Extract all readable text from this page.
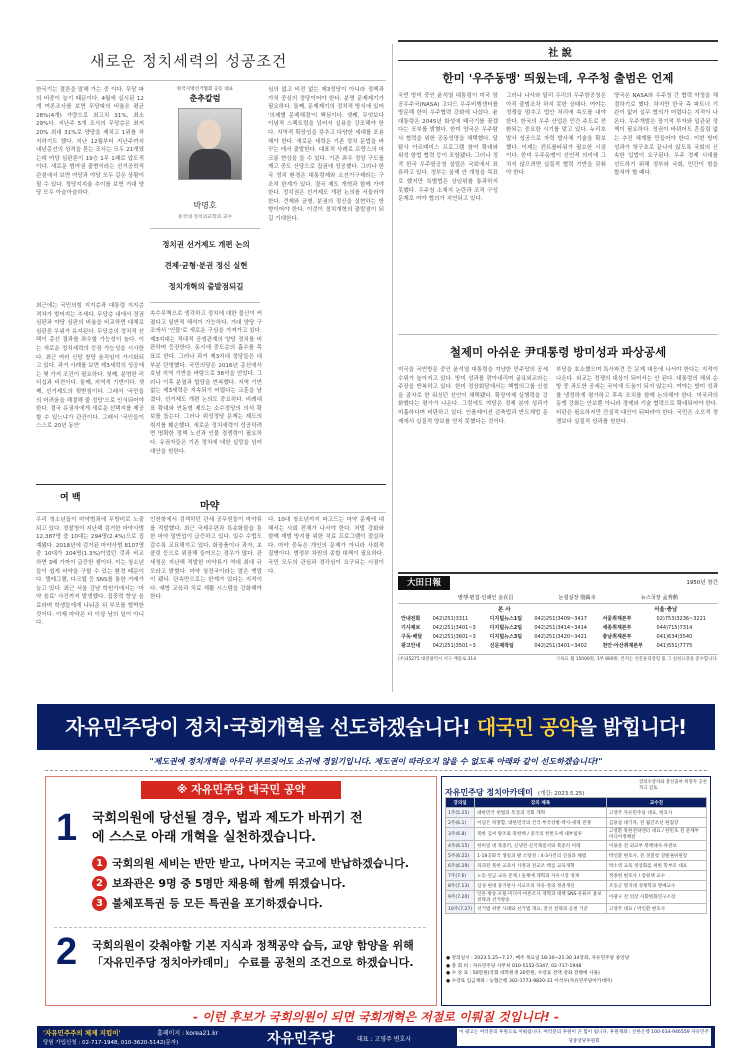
새로운 정치세력의 성공조건
한국기는 결론을 말해 가는 중 이다. 무당 파의 비중이 늘기 때문이다. 4월에 실시된 12개 여론조사를 보면 무당파의 비율은 평균 28%(4개) 가량으로 최고치 31%, 최소 29%다. 지난주 5개 조사의 무당층은 최저 20% 최대 31%로 양당을 제치고 1위를 차지하기도 했다. 지난 12월부터 지난주까지 내년총선의 성격을 묻는 조사는 모두 21개였는데 여당 심판론이 19승 1무 1패로 압도적이다. 새로운 범여권 출범이라는 선거공학적 관점에서 보면 여당과 야당 모두 같은 상황이 될 수 있다. 정당지지율 추이를 보면 거대 양당 모두 아슬아슬하다.
최근에는 국민의힘 지지층과 대통령 지지층 격차가 벌어지는 추세다. 무당층 내에서 정권 심판과 야당 심판의 비율을 비교하면 대체로 심판론 우위가 유지된다. 무당층의 정치적 선택이 총선 결과를 좌우할 가능성이 높다. 이는 새로운 정치세력의 등장 가능성을 시사한다. 최근 여러 신당 창당 움직임이 가시화되고 있다. 과거 사례를 보면 제3세력의 성공에는 몇 가지 조건이 필요하다. 첫째, 분명한 리더십과 비전이다. 둘째, 지역적 기반이다. 셋째, 선거제도의 뒷받침이다. 그래서 '국민들의 어려움을 해결해 줄 정당'으로 인식되어야 한다. 결국 유권자에게 새로운 선택지를 제공할 수 있느냐가 관건이다. 그래서 '국민들이 스스로 20년 동안'
한국지방선거협회 공동 대표
춘추칼럼
박명호
동국대 정치외교학과 교수
정치권 선거제도 개편 논의
견제·균형·분권 정신 실현
정치개혁의 출발점되길
속수무책으로 생각하고 정치에 대한 불신이 커졌다고 일반적 해석이 가능하다. 거대 양당 구조에서 '인물'로 새로운 구심을 가져가고 있다. 제3지대는 적대적 공생관계의 양당 정치를 비판하며 등장한다. 동시에 중도층의 흡수를 목표로 한다. 그러나 과거 제3지대 정당들은 대부분 단명했다. 국민의당은 2016년 총선에서 호남 지역 기반을 바탕으로 38석을 얻었다. 그러나 이후 분열과 합당을 반복했다. 지역 기반 없는 제3세력은 지속되기 어렵다는 교훈을 남겼다. 선거제도 개편 논의도 중요하다. 비례대표 확대와 연동형 제도는 소수정당의 의석 확보를 돕는다. 그러나 위성정당 문제는 제도의 취지를 훼손했다. 새로운 정치세력이 성공하려면 명확한 정책 노선과 인물 경쟁력이 필요하다. 유권자들은 기존 정치에 대한 실망을 넘어 대안을 원한다.
심의 없고 비전 없는 제3정당이 아니라 정책과 가치 중심의 정당이어야 한다. 분명 문제제기가 필요하다. 둘째, 문제제기의 정치적 방식에 있어 '의제별 문제해결'이 핵심이다. 셋째, 무엇보다 이념적 스펙트럼을 넘어서 실용을 강조해야 한다. 지역적 확장성을 갖추고 다양한 세대를 포용해야 한다. 새로운 세력은 기존 정치 문법을 바꾸는 데서 출발한다. 대표적 사례로 프랑스의 마크롱 현상을 들 수 있다. 기존 좌우 정당 구도를 깨고 중도 신당으로 집권에 성공했다. 그러나 한국 정치 환경은 대통령제와 소선거구제라는 구조적 한계가 있다. 결국 제도 개혁과 함께 가야 한다. 정치권은 선거제도 개편 논의를 서둘러야 한다. 견제와 균형, 분권의 정신을 실현하는 방향이어야 한다. 이것이 정치개혁의 출발점이 되길 기대한다.
여 백
마약
우리 청소년들이 마약범죄에 무방비로 노출되고 있다. 경찰청이 지난해 검거한 마약사범 12,387명 중 10대는 294명(2.4%)으로 집계됐다. 2018년에 검거된 마약사범 8107명 중 10대가 104명(1.3%)이었던 것과 비교하면 3배 가까이 급증한 셈이다. 이는 청소년들이 쉽게 마약을 구할 수 있는 환경 때문이다. 텔레그램, 다크웹 등 SNS를 통한 거래가 늘고 있다. 최근 서울 강남 학원가에서는 '마약 음료' 사건까지 발생했다. 집중력 향상 음료라며 학생들에게 나눠준 뒤 부모를 협박한 것이다. 이제 마약은 더 이상 남의 일이 아니다.
인천항에서 검색하던 관세 공무원들이 마약류를 적발했다. 최근 국제우편과 특송화물을 통한 마약 밀반입이 급증하고 있다. 밀수 수법도 갈수록 교묘해지고 있다. 화장품이나 과자, 초콜릿 등으로 위장해 들여오는 경우가 많다. 관세청은 지난해 적발한 마약류가 역대 최대 규모라고 밝혔다. 마약 청정국이라는 말은 옛말이 됐다. 단속만으로는 한계가 있다는 지적이다. 예방 교육과 치료 재활 시스템을 강화해야 한다.
다. 10대 청소년까지 파고드는 마약 문제에 대해서는 사회 전체가 나서야 한다. 처벌 강화와 함께 재범 방지를 위한 치료 프로그램이 절실하다. 마약 중독은 개인의 문제가 아니라 사회적 질병이다. 범정부 차원의 종합 대책이 필요하다. 국민 모두의 관심과 경각심이 요구되는 시점이다.
社 說
한미 '우주동맹' 띄웠는데, 우주청 출범은 언제
국빈 방미 중인 윤석열 대통령이 미국 항공우주국(NASA) 고다드 우주비행센터를 방문해 한미 우주협력 강화에 나섰다. 윤 대통령은 2045년 화성에 태극기를 꽂겠다는 포부를 밝혔다. 한미 양국은 우주탐사 협력을 위한 공동성명을 채택했다. 달 탐사 아르테미스 프로그램 참여 확대와 위성 항법 협력 등이 포함됐다. 그러나 정작 한국 우주항공청 설립은 국회에서 표류하고 있다. 정부는 올해 안 개청을 목표로 했지만 특별법은 상임위를 통과하지 못했다. 우주청 소재지 논란과 조직 구성 문제로 여야 협의가 지연되고 있다.
그러나 나사와 달리 우리의 우주항공청은 아직 출범조차 하지 못한 상태다. 여야는 정쟁을 멈추고 법안 처리에 속도를 내야 한다. 한국의 우주 산업은 민간 주도로 전환되는 중요한 시기를 맞고 있다. 누리호 발사 성공으로 자력 발사체 기술을 확보했다. 이제는 컨트롤타워가 필요한 시점이다. 한미 우주동맹이 선언적 의미에 그치지 않으려면 실질적 협력 기반을 갖춰야 한다.
양국은 NASA와 우주청 간 협력 약정을 체결하기로 했다. 하지만 한국 측 파트너 기관이 없어 실무 협의가 어렵다는 지적이 나온다. 우주개발은 장기적 투자와 일관된 정책이 필요하다. 정권이 바뀌어도 흔들림 없는 추진 체계를 만들어야 한다. 이번 방미 성과가 헛구호로 끝나지 않도록 국회의 신속한 입법이 요구된다. 우주 경제 시대를 선도하기 위해 정부와 국회, 민간이 힘을 합쳐야 할 때다.
철제미 아쉬운 尹대통령 방미성과 파상공세
미국을 국빈방문 중인 윤석열 대통령을 겨냥한 민주당의 공세 수위가 높아지고 있다. 방미 성과를 깎아내리며 굴욕외교라는 주장을 반복하고 있다. 한미 정상회담에서는 핵협의그룹 신설을 골자로 한 워싱턴 선언이 채택됐다. 확장억제 실행력을 강화했다는 평가가 나온다. 그럼에도 야당은 경제 분야 성과가 미흡하다며 비판하고 있다. 인플레이션 감축법과 반도체법 문제에서 실질적 양보를 얻지 못했다는 것이다.
부당을 호소했으며 특사파견 등 문제 대응에 나서야 한다는 지적이 나온다. 외교는 정쟁의 대상이 되어서는 안 된다. 대통령의 해외 순방 중 과도한 공세는 국익에 도움이 되지 않는다. 여야는 방미 성과를 냉정하게 평가하고 후속 조치를 함께 논의해야 한다. 미국과의 동맹 강화는 안보뿐 아니라 경제와 기술 협력으로 확대되어야 한다. 비판은 필요하지만 건설적 대안이 뒤따라야 한다. 국민은 소모적 정쟁보다 실질적 성과를 원한다.
大田日報	1950년 창간
발행·편집·인쇄인 金在昌	논설실장 殷錫幸	뉴스국장 孟秀勲
본 사	서울·충남
안내전화	042)251)3311	디지털뉴스1팀	042)251)3409~3417	서울취재본부	02)753)3236~3221
기사제보	042)251)3401~3	디지털뉴스2팀	042)251)3414~3414	세종취재본부	044)715)7314
구독·배달	042)251)3601~3	디지털뉴스3팀	042)251)3420~3421	충남취재본부	041)634)3540
광고안내	042)251)3501~3	신문제작팀	042)251)3401~3402	천안·아산취재본부	041)551)7775
(우)35275 대전광역시 서구 계룡로 314	구독료 월 15000원, 1부 800원. 본지는 신문윤리강령 및 그 실천요강을 준수합니다.
자유민주당이 정치·국회개혁을 선도하겠습니다! 대국민 공약을 밝힙니다!
"제도권에 정치개혁을 아무리 부르짖어도 소귀에 경읽기입니다. 제도권이 따라오지 않을 수 없도록 아래와 같이 선도하겠습니다!"
※ 자유민주당 대국민 공약
1	국회의원에 당선될 경우, 법과 제도가 바뀌기 전에 스스로 아래 개혁을 실천하겠습니다.
1 국회의원 세비는 반만 받고, 나머지는 국고에 반납하겠습니다.
2 보좌관은 9명 중 5명만 채용해 함께 뛰겠습니다.
3 불체포특권 등 모든 특권을 포기하겠습니다.
2	국회의원이 갖춰야할 기본 지식과 정책공약 습득, 교양 함양을 위해 「자유민주당 정치아카데미」 수료를 공천의 조건으로 하겠습니다.
자유민주당 정치아카데미 (개강: 2023.5.25)
강의수강자와 총선출마 희망자 공천 적극 검토
강의일	강의 제목	교수진
1주(5.25)	대한민국 헌법의 특징과 국회 개혁	고영주 자유민주당 대표, 변호사
2주(6.1)	이념은 허망함, 대한민국의 건국·부국강병·핵사·세계 전쟁	김용삼 대기자, 전 월간조선 편집장
3주(6.8)	북한 김씨 왕조와 북한핵 / 중국의 한반도에 내부침투	고영환 북한전략센터 대표 / 한민호 전 문체부 미디어정책관
4주(6.15)	한미일 대 북중러, 신냉전·신국제질서와 북중러 미래	이용준 전 외교부 북핵대사·차관보
5주(6.22)	1·18공화국 생일과 발 소탕성 : 4·3사건의 진실과 해법	박인환 변호사, 전 경찰청 징벌권위원장
6주(6.29)	파괴된 북한 교과서 사정과 전교조 핵심 교육개혁	박소영 교육 정상화를 위한 학부모 대표
7주(7.6)	노동·연금·교육 문제 / 돌체에 개혁과 자유시장 경제	정종현 변호사 / 강원택 교수
8주(7.13)	심성·현대 중기판사 서교조의 자유·정의 정권개선	조동근 명지대 경제학과 명예교수
9주(7.20)	언론·방송·포털·미디어·여론조사 개혁과 대책 SNS·유튜브 홍보전략과 선거방송	이광구 전 의장 사회변화연구소장
10주(7.27)	선거법 위반 사례와 선거법 개요, 총선 전략과 공천 기준	고영주 대표 / 박인환 변호사
● 강의일시 : 2023.5.25~7.27, 매주 목요일 18:30~21:30 34강좌, 자유민주당 중앙당
● 총 회 비 : 자유민주당 사무처 010-5152-5347, 02-717-1948
● 수 강 료 : 50만원(국회 대학원생 20만원, 수강료 전액 강좌 진행에 사용)
● 수강료 입금계좌 : 농협은행 302-1773-9820-31 이석우(자유민주당아카데미)
- 이런 후보가 국회의원이 되면 국회개혁은 저절로 이뤄질 것입니다! -
'자유민주주의 체제 지킴이'	홈페이지 : korea21.kr
당원 가입신청 : 02-717-1948, 010-3620-5142(문자)	자유민주당	대표 : 고영주 변호사
이 광고는 여러분의 후원으로 이뤄집니다. 여러분의 후원이 큰 힘이 됩니다. 후원계좌 : 신한은행 100-034-946559 자유민주당중앙당후원회
